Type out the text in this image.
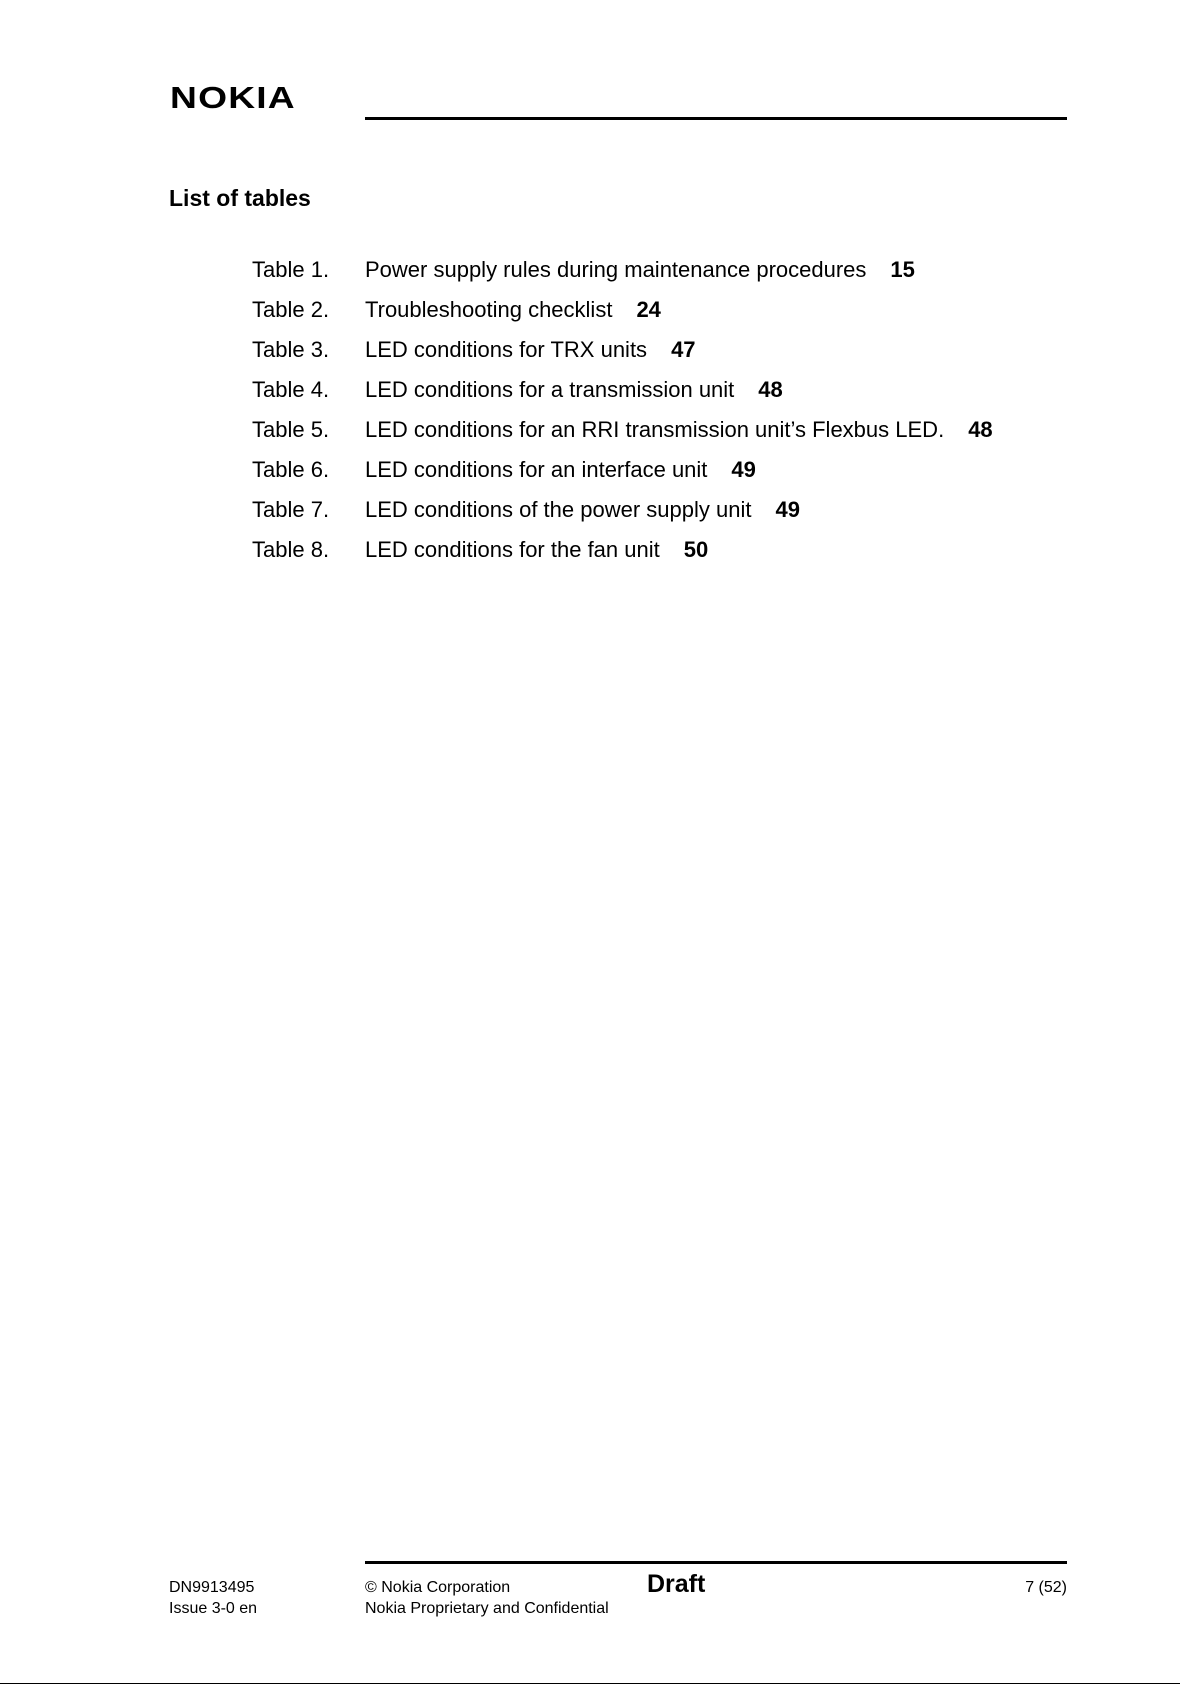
NOKIA
List of tables
Table 1.	Power supply rules during maintenance procedures 15
Table 2.	Troubleshooting checklist 24
Table 3.	LED conditions for TRX units 47
Table 4.	LED conditions for a transmission unit 48
Table 5.	LED conditions for an RRI transmission unit’s Flexbus LED. 48
Table 6.	LED conditions for an interface unit 49
Table 7.	LED conditions of the power supply unit 49
Table 8.	LED conditions for the fan unit 50
DN9913495
Issue 3-0 en
© Nokia Corporation
Nokia Proprietary and Confidential
Draft	7 (52)
